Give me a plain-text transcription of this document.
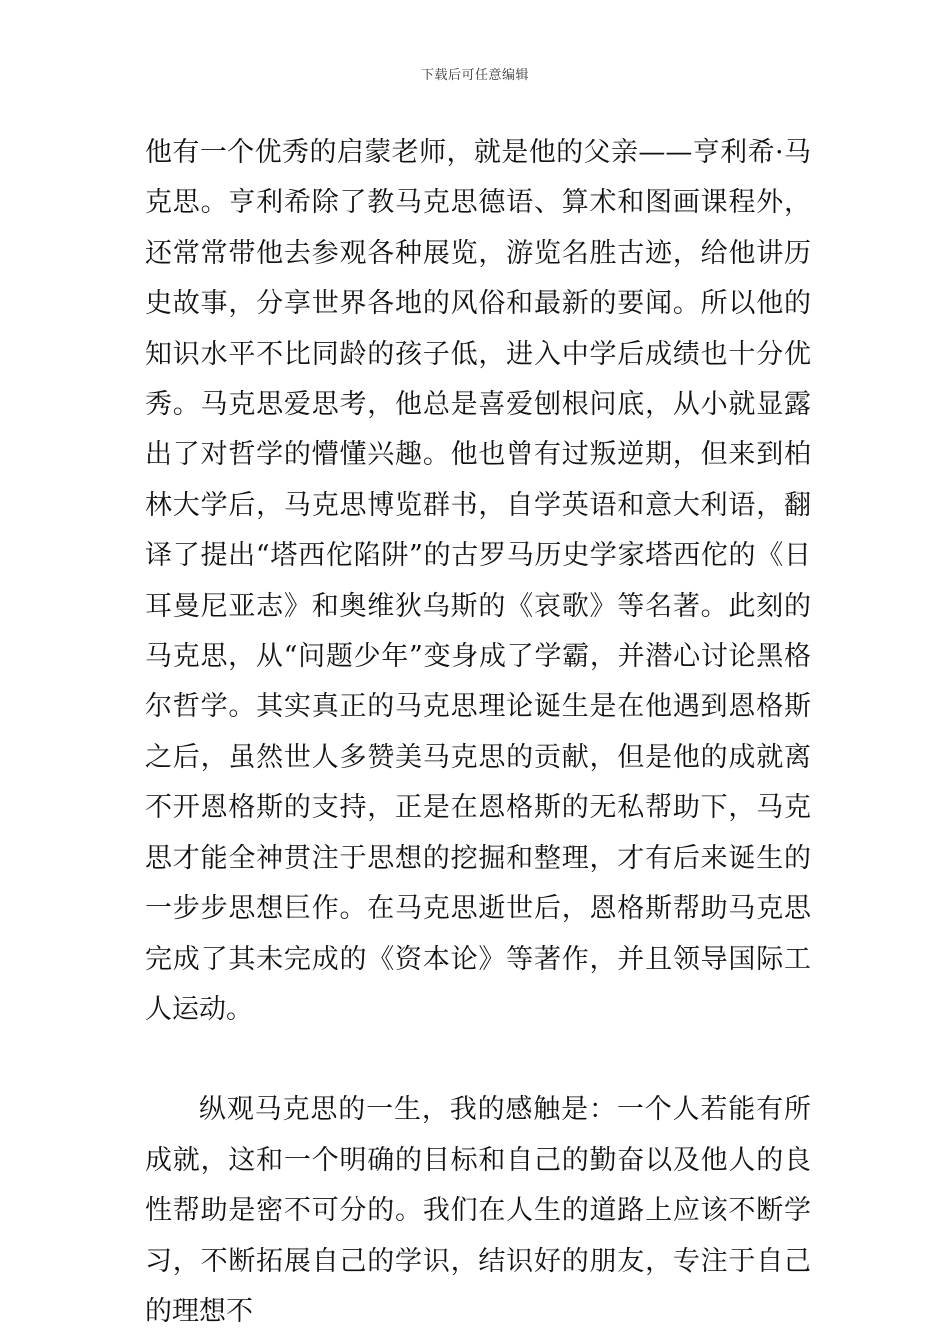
下载后可任意编辑

他有一个优秀的启蒙老师，就是他的父亲——亨利希·马克思。亨利希除了教马克思德语、算术和图画课程外，还常常带他去参观各种展览，游览名胜古迹，给他讲历史故事，分享世界各地的风俗和最新的要闻。所以他的知识水平不比同龄的孩子低，进入中学后成绩也十分优秀。马克思爱思考，他总是喜爱刨根问底，从小就显露出了对哲学的懵懂兴趣。他也曾有过叛逆期，但来到柏林大学后，马克思博览群书，自学英语和意大利语，翻译了提出“塔西佗陷阱”的古罗马历史学家塔西佗的《日耳曼尼亚志》和奥维狄乌斯的《哀歌》等名著。此刻的马克思，从“问题少年”变身成了学霸，并潜心讨论黑格尔哲学。其实真正的马克思理论诞生是在他遇到恩格斯之后，虽然世人多赞美马克思的贡献，但是他的成就离不开恩格斯的支持，正是在恩格斯的无私帮助下，马克思才能全神贯注于思想的挖掘和整理，才有后来诞生的一步步思想巨作。在马克思逝世后，恩格斯帮助马克思完成了其未完成的《资本论》等著作，并且领导国际工人运动。

纵观马克思的一生，我的感触是：一个人若能有所成就，这和一个明确的目标和自己的勤奋以及他人的良性帮助是密不可分的。我们在人生的道路上应该不断学习，不断拓展自己的学识，结识好的朋友，专注于自己的理想不
